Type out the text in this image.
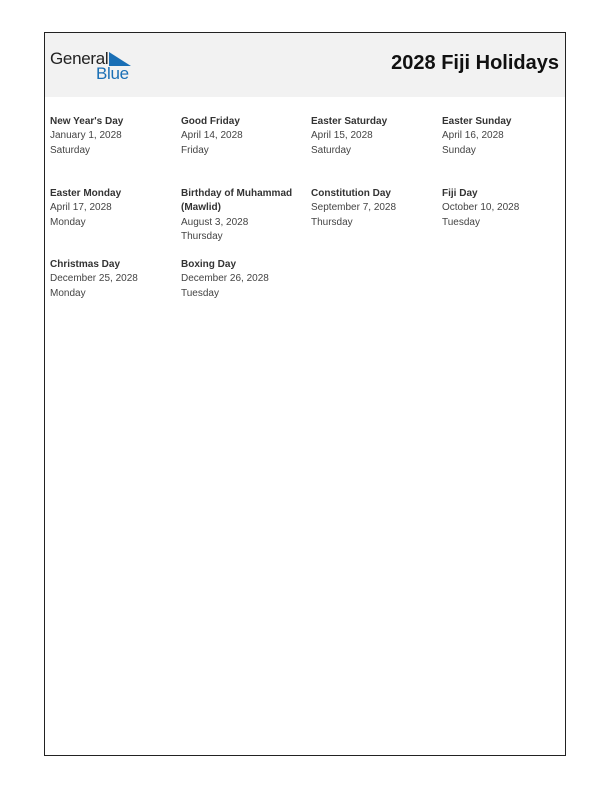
General
Blue	2028 Fiji Holidays
New Year's Day
January 1, 2028
Saturday
Good Friday
April 14, 2028
Friday
Easter Saturday
April 15, 2028
Saturday
Easter Sunday
April 16, 2028
Sunday
Easter Monday
April 17, 2028
Monday
Birthday of Muhammad (Mawlid)
August 3, 2028
Thursday
Constitution Day
September 7, 2028
Thursday
Fiji Day
October 10, 2028
Tuesday
Christmas Day
December 25, 2028
Monday
Boxing Day
December 26, 2028
Tuesday
